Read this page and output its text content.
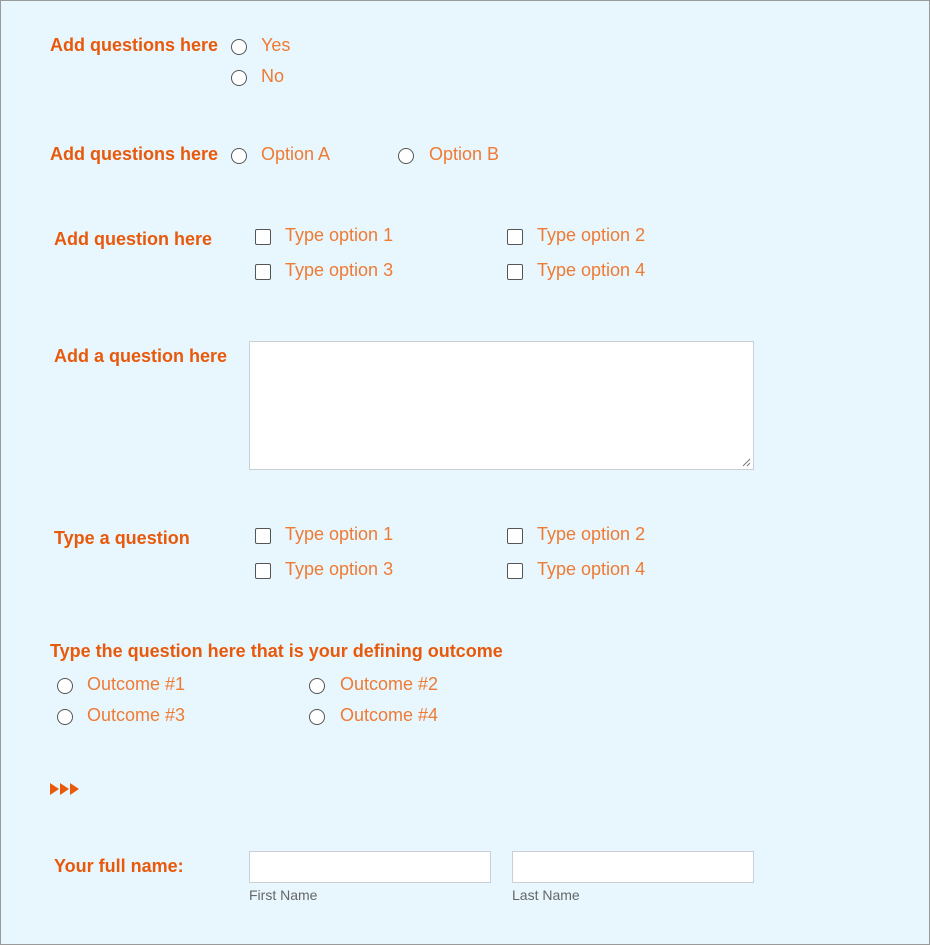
Add questions here Yes
No
Add questions here Option A	Option B
Add question here	Type option 1	Type option 2
Type option 3	Type option 4
Add a question here
Type a question	Type option 1	Type option 2
Type option 3	Type option 4
Type the question here that is your defining outcome
Outcome #1	Outcome #2
Outcome #3	Outcome #4
Your full name:
First Name	Last Name
